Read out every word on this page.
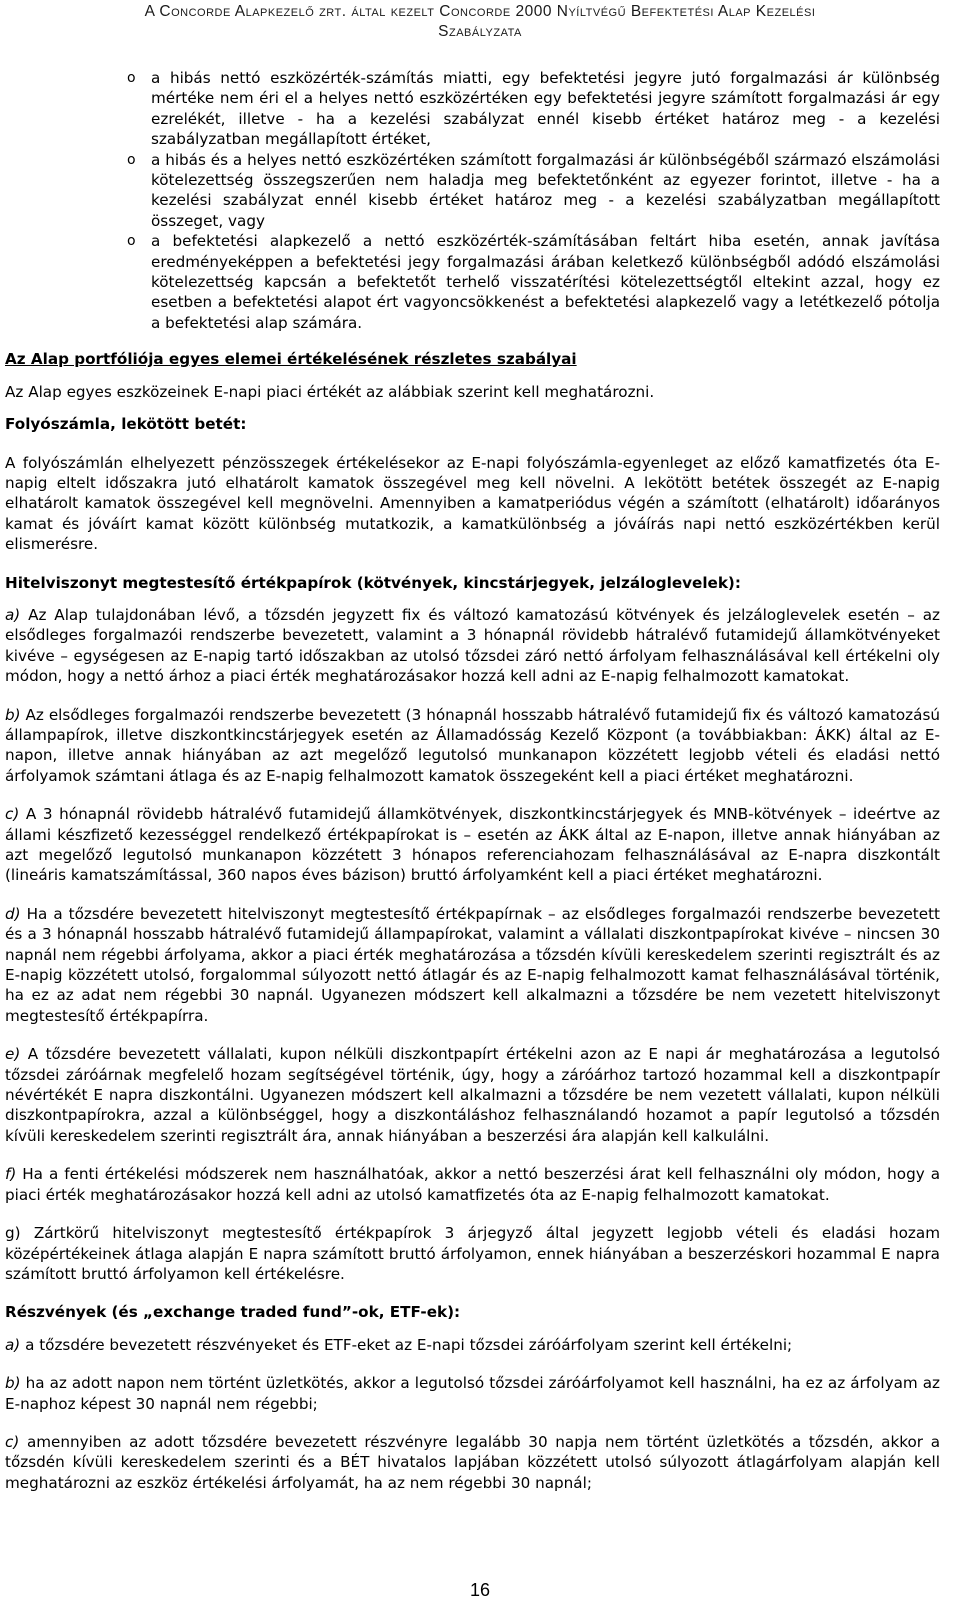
A Concorde Alapkezelő zrt. által kezelt Concorde 2000 Nyíltvégű Befektetési Alap Kezelési
Szabályzata
o a hibás nettó eszközérték-számítás miatti, egy befektetési jegyre jutó forgalmazási ár különbség mértéke nem éri el a helyes nettó eszközértéken egy befektetési jegyre számított forgalmazási ár egy ezrelékét, illetve - ha a kezelési szabályzat ennél kisebb értéket határoz meg - a kezelési szabályzatban megállapított értéket,
o a hibás és a helyes nettó eszközértéken számított forgalmazási ár különbségéből származó elszámolási kötelezettség összegszerűen nem haladja meg befektetőnként az egyezer forintot, illetve - ha a kezelési szabályzat ennél kisebb értéket határoz meg - a kezelési szabályzatban megállapított összeget, vagy
o a befektetési alapkezelő a nettó eszközérték-számításában feltárt hiba esetén, annak javítása eredményeképpen a befektetési jegy forgalmazási árában keletkező különbségből adódó elszámolási kötelezettség kapcsán a befektetőt terhelő visszatérítési kötelezettségtől eltekint azzal, hogy ez esetben a befektetési alapot ért vagyoncsökkenést a befektetési alapkezelő vagy a letétkezelő pótolja a befektetési alap számára.

Az Alap portfóliója egyes elemei értékelésének részletes szabályai

Az Alap egyes eszközeinek E-napi piaci értékét az alábbiak szerint kell meghatározni.

Folyószámla, lekötött betét:

A folyószámlán elhelyezett pénzösszegek értékelésekor az E-napi folyószámla-egyenleget az előző kamatfizetés óta E-napig eltelt időszakra jutó elhatárolt kamatok összegével meg kell növelni. A lekötött betétek összegét az E-napig elhatárolt kamatok összegével kell megnövelni. Amennyiben a kamatperiódus végén a számított (elhatárolt) időarányos kamat és jóváírt kamat között különbség mutatkozik, a kamatkülönbség a jóváírás napi nettó eszközértékben kerül elismerésre.

Hitelviszonyt megtestesítő értékpapírok (kötvények, kincstárjegyek, jelzáloglevelek):

a) Az Alap tulajdonában lévő, a tőzsdén jegyzett fix és változó kamatozású kötvények és jelzáloglevelek esetén – az elsődleges forgalmazói rendszerbe bevezetett, valamint a 3 hónapnál rövidebb hátralévő futamidejű államkötvényeket kivéve – egységesen az E-napig tartó időszakban az utolsó tőzsdei záró nettó árfolyam felhasználásával kell értékelni oly módon, hogy a nettó árhoz a piaci érték meghatározásakor hozzá kell adni az E-napig felhalmozott kamatokat.

b) Az elsődleges forgalmazói rendszerbe bevezetett (3 hónapnál hosszabb hátralévő futamidejű fix és változó kamatozású állampapírok, illetve diszkontkincstárjegyek esetén az Államadósság Kezelő Központ (a továbbiakban: ÁKK) által az E-napon, illetve annak hiányában az azt megelőző legutolsó munkanapon közzétett legjobb vételi és eladási nettó árfolyamok számtani átlaga és az E-napig felhalmozott kamatok összegeként kell a piaci értéket meghatározni.

c) A 3 hónapnál rövidebb hátralévő futamidejű államkötvények, diszkontkincstárjegyek és MNB-kötvények – ideértve az állami készfizető kezességgel rendelkező értékpapírokat is – esetén az ÁKK által az E-napon, illetve annak hiányában az azt megelőző legutolsó munkanapon közzétett 3 hónapos referenciahozam felhasználásával az E-napra diszkontált (lineáris kamatszámítással, 360 napos éves bázison) bruttó árfolyamként kell a piaci értéket meghatározni.

d) Ha a tőzsdére bevezetett hitelviszonyt megtestesítő értékpapírnak – az elsődleges forgalmazói rendszerbe bevezetett és a 3 hónapnál hosszabb hátralévő futamidejű állampapírokat, valamint a vállalati diszkontpapírokat kivéve – nincsen 30 napnál nem régebbi árfolyama, akkor a piaci érték meghatározása a tőzsdén kívüli kereskedelem szerinti regisztrált és az E-napig közzétett utolsó, forgalommal súlyozott nettó átlagár és az E-napig felhalmozott kamat felhasználásával történik, ha ez az adat nem régebbi 30 napnál. Ugyanezen módszert kell alkalmazni a tőzsdére be nem vezetett hitelviszonyt megtestesítő értékpapírra.

e) A tőzsdére bevezetett vállalati, kupon nélküli diszkontpapírt értékelni azon az E napi ár meghatározása a legutolsó tőzsdei záróárnak megfelelő hozam segítségével történik, úgy, hogy a záróárhoz tartozó hozammal kell a diszkontpapír névértékét E napra diszkontálni. Ugyanezen módszert kell alkalmazni a tőzsdére be nem vezetett vállalati, kupon nélküli diszkontpapírokra, azzal a különbséggel, hogy a diszkontáláshoz felhasználandó hozamot a papír legutolsó a tőzsdén kívüli kereskedelem szerinti regisztrált ára, annak hiányában a beszerzési ára alapján kell kalkulálni.

f) Ha a fenti értékelési módszerek nem használhatóak, akkor a nettó beszerzési árat kell felhasználni oly módon, hogy a piaci érték meghatározásakor hozzá kell adni az utolsó kamatfizetés óta az E-napig felhalmozott kamatokat.

g) Zártkörű hitelviszonyt megtestesítő értékpapírok 3 árjegyző által jegyzett legjobb vételi és eladási hozam középértékeinek átlaga alapján E napra számított bruttó árfolyamon, ennek hiányában a beszerzéskori hozammal E napra számított bruttó árfolyamon kell értékelésre.

Részvények (és „exchange traded fund”-ok, ETF-ek):

a) a tőzsdére bevezetett részvényeket és ETF-eket az E-napi tőzsdei záróárfolyam szerint kell értékelni;

b) ha az adott napon nem történt üzletkötés, akkor a legutolsó tőzsdei záróárfolyamot kell használni, ha ez az árfolyam az E-naphoz képest 30 napnál nem régebbi;

c) amennyiben az adott tőzsdére bevezetett részvényre legalább 30 napja nem történt üzletkötés a tőzsdén, akkor a tőzsdén kívüli kereskedelem szerinti és a BÉT hivatalos lapjában közzétett utolsó súlyozott átlagárfolyam alapján kell meghatározni az eszköz értékelési árfolyamát, ha az nem régebbi 30 napnál;

16
